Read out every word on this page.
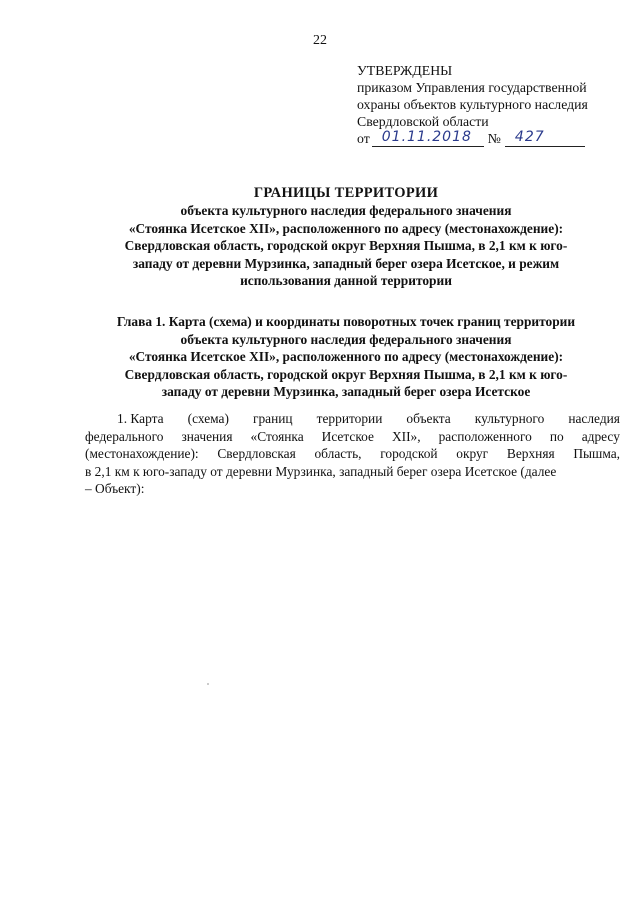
22
УТВЕРЖДЕНЫ
приказом Управления государственной
охраны объектов культурного наследия
Свердловской области
от 01.11.2018 № 427
ГРАНИЦЫ ТЕРРИТОРИИ
объекта культурного наследия федерального значения
«Стоянка Исетское XII», расположенного по адресу (местонахождение):
Свердловская область, городской округ Верхняя Пышма, в 2,1 км к юго-
западу от деревни Мурзинка, западный берег озера Исетское, и режим
использования данной территории
Глава 1. Карта (схема) и координаты поворотных точек границ территории
объекта культурного наследия федерального значения
«Стоянка Исетское XII», расположенного по адресу (местонахождение):
Свердловская область, городской округ Верхняя Пышма, в 2,1 км к юго-
западу от деревни Мурзинка, западный берег озера Исетское
1. Карта (схема) границ территории объекта культурного наследия
федерального значения «Стоянка Исетское XII», расположенного по адресу
(местонахождение): Свердловская область, городской округ Верхняя Пышма,
в 2,1 км к юго-западу от деревни Мурзинка, западный берег озера Исетское (далее
– Объект):
